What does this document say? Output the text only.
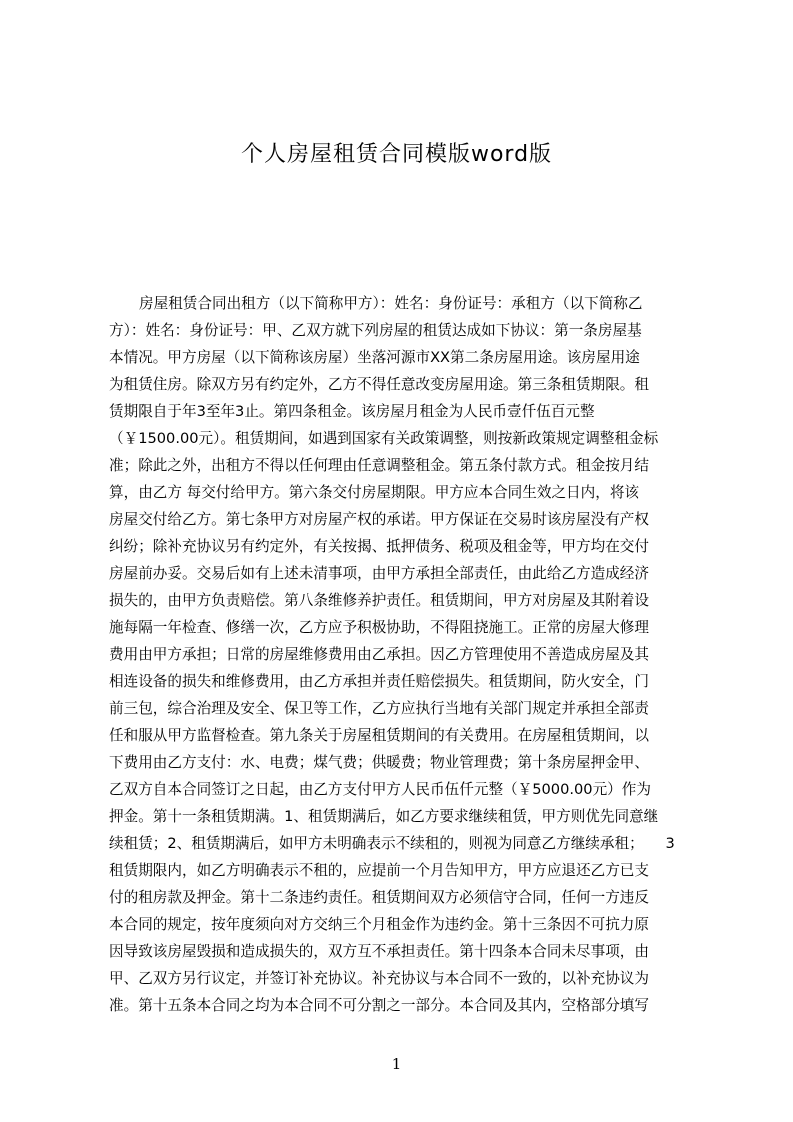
个人房屋租赁合同模版word版
房屋租赁合同出租方（以下简称甲方）：姓名：身份证号：承租方（以下简称乙
方）：姓名：身份证号：甲、乙双方就下列房屋的租赁达成如下协议：第一条房屋基
本情况。甲方房屋（以下简称该房屋）坐落河源市XX第二条房屋用途。该房屋用途
为租赁住房。除双方另有约定外，乙方不得任意改变房屋用途。第三条租赁期限。租
赁期限自于年3至年3止。第四条租金。该房屋月租金为人民币壹仟伍百元整
（￥1500.00元）。租赁期间，如遇到国家有关政策调整，则按新政策规定调整租金标
准；除此之外，出租方不得以任何理由任意调整租金。第五条付款方式。租金按月结
算，由乙方 每交付给甲方。第六条交付房屋期限。甲方应本合同生效之日内，将该
房屋交付给乙方。第七条甲方对房屋产权的承诺。甲方保证在交易时该房屋没有产权
纠纷；除补充协议另有约定外，有关按揭、抵押债务、税项及租金等，甲方均在交付
房屋前办妥。交易后如有上述未清事项，由甲方承担全部责任，由此给乙方造成经济
损失的，由甲方负责赔偿。第八条维修养护责任。租赁期间，甲方对房屋及其附着设
施每隔一年检查、修缮一次，乙方应予积极协助，不得阻挠施工。正常的房屋大修理
费用由甲方承担；日常的房屋维修费用由乙承担。因乙方管理使用不善造成房屋及其
相连设备的损失和维修费用，由乙方承担并责任赔偿损失。租赁期间，防火安全，门
前三包，综合治理及安全、保卫等工作，乙方应执行当地有关部门规定并承担全部责
任和服从甲方监督检查。第九条关于房屋租赁期间的有关费用。在房屋租赁期间，以
下费用由乙方支付：水、电费；煤气费；供暖费；物业管理费；第十条房屋押金甲、
乙双方自本合同签订之日起，由乙方支付甲方人民币伍仟元整（￥5000.00元）作为
押金。第十一条租赁期满。1、租赁期满后，如乙方要求继续租赁，甲方则优先同意继
续租赁；2、租赁期满后，如甲方未明确表示不续租的，则视为同意乙方继续承租；　　3
租赁期限内，如乙方明确表示不租的，应提前一个月告知甲方，甲方应退还乙方已支
付的租房款及押金。第十二条违约责任。租赁期间双方必须信守合同，任何一方违反
本合同的规定，按年度须向对方交纳三个月租金作为违约金。第十三条因不可抗力原
因导致该房屋毁损和造成损失的，双方互不承担责任。第十四条本合同未尽事项，由
甲、乙双方另行议定，并签订补充协议。补充协议与本合同不一致的，以补充协议为
准。第十五条本合同之均为本合同不可分割之一部分。本合同及其内，空格部分填写
1
